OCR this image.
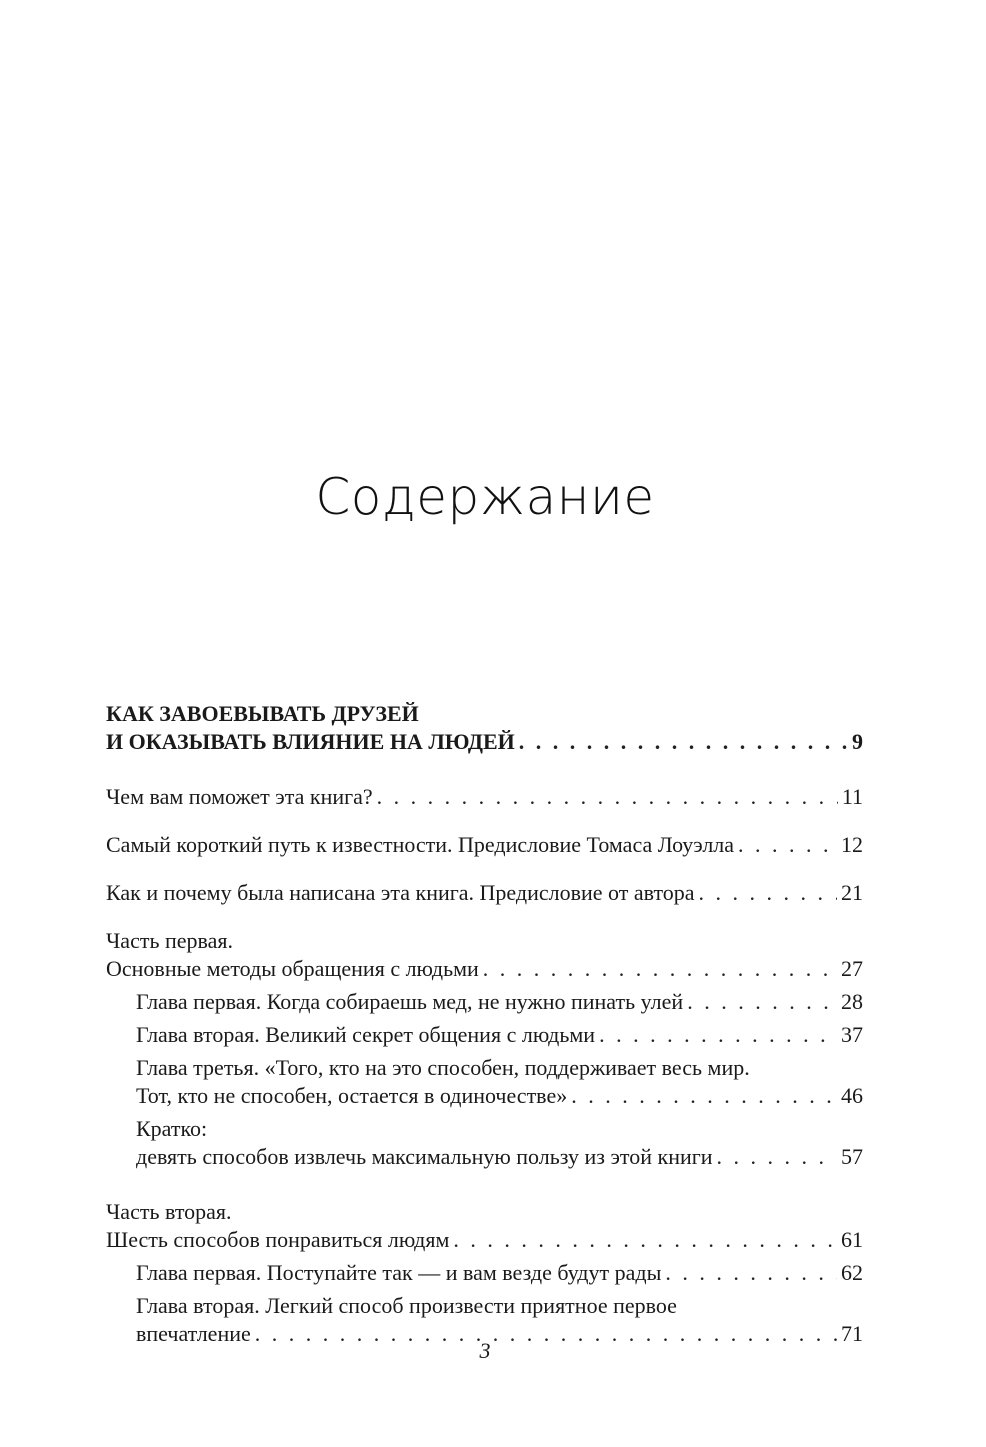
Содержание
КАК ЗАВОЕВЫВАТЬ ДРУЗЕЙ
И ОКАЗЫВАТЬ ВЛИЯНИЕ НА ЛЮДЕЙ . . .	9
Чем вам поможет эта книга? . . .	11
Самый короткий путь к известности. Предисловие Томаса Лоуэлла . . .	12
Как и почему была написана эта книга. Предисловие от автора . . .	21
Часть первая.
Основные методы обращения с людьми . . .	27
Глава первая. Когда собираешь мед, не нужно пинать улей . . .	28
Глава вторая. Великий секрет общения с людьми . . .	37
Глава третья. «Того, кто на это способен, поддерживает весь мир.
Тот, кто не способен, остается в одиночестве» . . .	46
Кратко:
девять способов извлечь максимальную пользу из этой книги . . .	57
Часть вторая.
Шесть способов понравиться людям . . .	61
Глава первая. Поступайте так — и вам везде будут рады . . .	62
Глава вторая. Легкий способ произвести приятное первое
впечатление . . .	71
3
